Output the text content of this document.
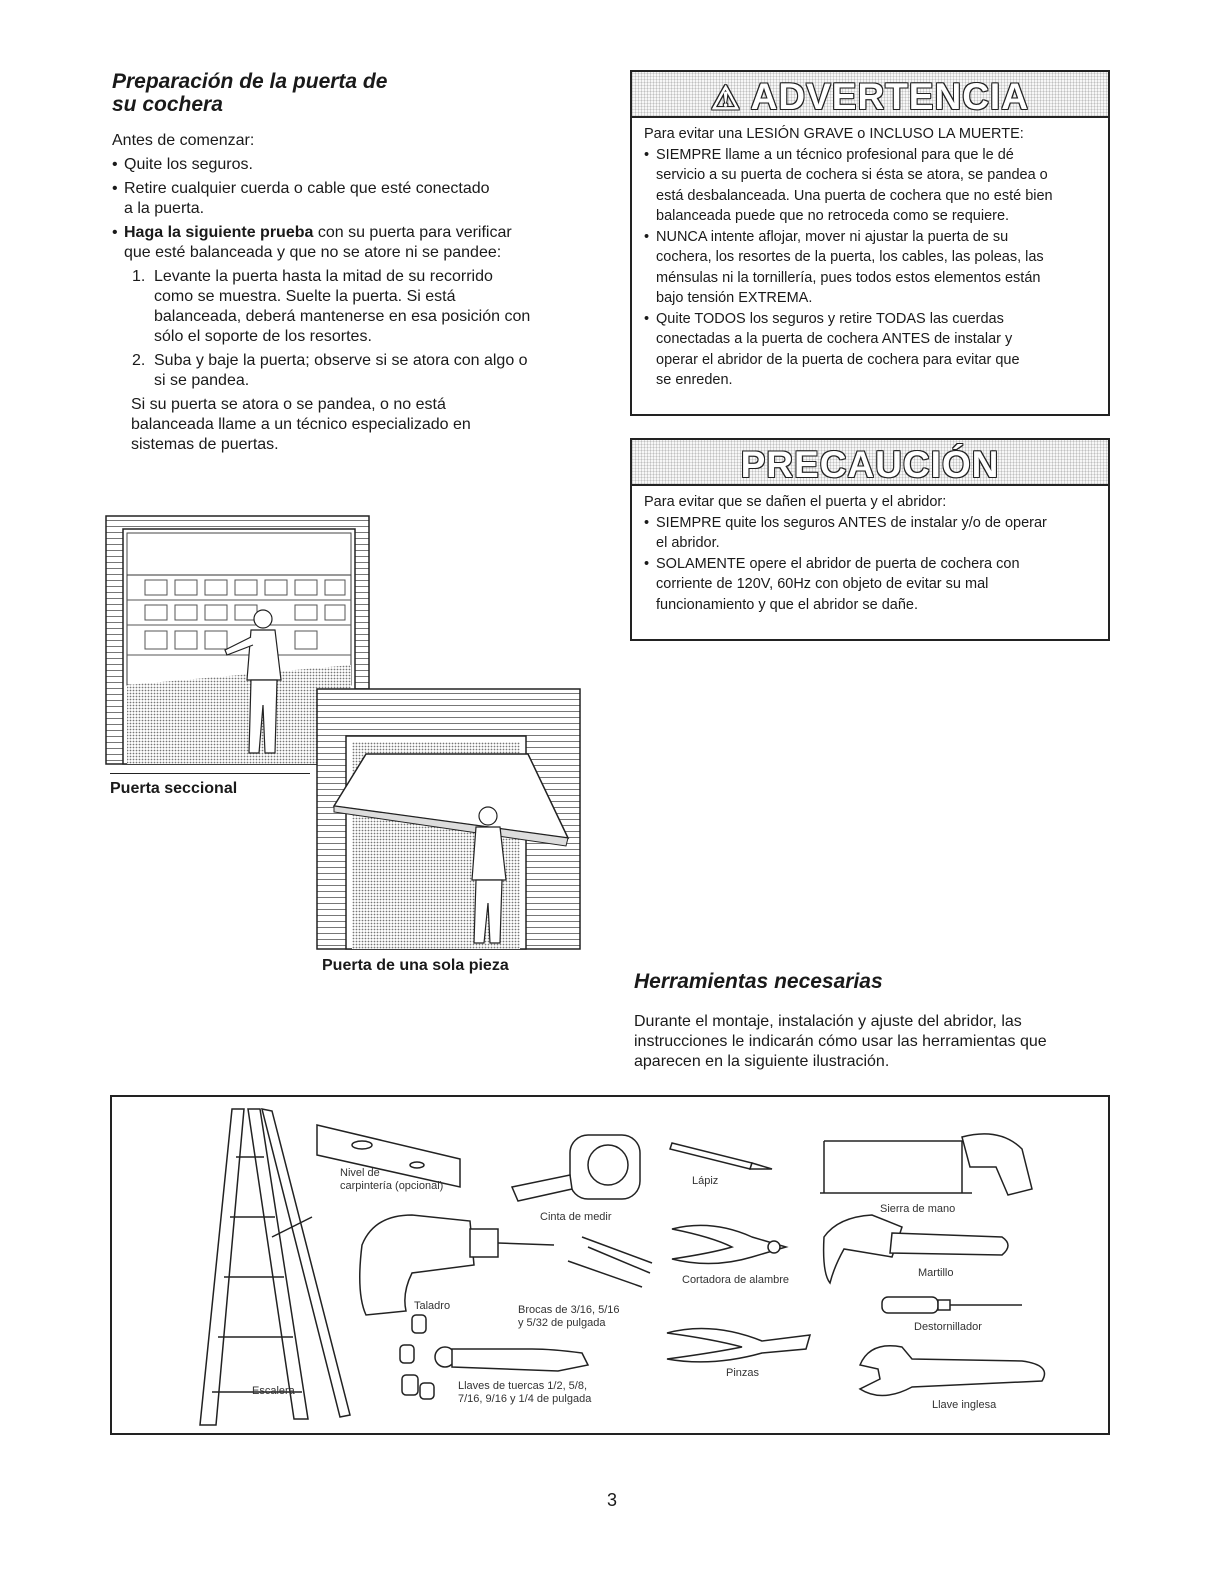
Preparación de la puerta de
su cochera

Antes de comenzar:

• Quite los seguros.
• Retire cualquier cuerda o cable que esté conectado
a la puerta.
• Haga la siguiente prueba con su puerta para verificar
que esté balanceada y que no se atore ni se pandee:
1. Levante la puerta hasta la mitad de su recorrido
como se muestra. Suelte la puerta. Si está
balanceada, deberá mantenerse en esa posición con
sólo el soporte de los resortes.
2. Suba y baje la puerta; observe si se atora con algo o
si se pandea.

Si su puerta se atora o se pandea, o no está
balanceada llame a un técnico especializado en
sistemas de puertas.

Puerta seccional
Puerta de una sola pieza
⚠ ADVERTENCIA
Para evitar una LESIÓN GRAVE o INCLUSO LA MUERTE:
• SIEMPRE llame a un técnico profesional para que le dé
servicio a su puerta de cochera si ésta se atora, se pandea o
está desbalanceada. Una puerta de cochera que no esté bien
balanceada puede que no retroceda como se requiere.
• NUNCA intente aflojar, mover ni ajustar la puerta de su
cochera, los resortes de la puerta, los cables, las poleas, las
ménsulas ni la tornillería, pues todos estos elementos están
bajo tensión EXTREMA.
• Quite TODOS los seguros y retire TODAS las cuerdas
conectadas a la puerta de cochera ANTES de instalar y
operar el abridor de la puerta de cochera para evitar que
se enreden.
PRECAUCIÓN
Para evitar que se dañen el puerta y el abridor:
• SIEMPRE quite los seguros ANTES de instalar y/o de operar
el abridor.
• SOLAMENTE opere el abridor de puerta de cochera con
corriente de 120V, 60Hz con objeto de evitar su mal
funcionamiento y que el abridor se dañe.
Herramientas necesarias

Durante el montaje, instalación y ajuste del abridor, las
instrucciones le indicarán cómo usar las herramientas que
aparecen en la siguiente ilustración.

Escalera
Nivel de
carpintería (opcional)
Cinta de medir
Taladro	Brocas de 3/16, 5/16
y 5/32 de pulgada
Llaves de tuercas 1/2, 5/8,
7/16, 9/16 y 1/4 de pulgada
Lápiz
Cortadora de alambre
Pinzas
Sierra de mano
Martillo
Destornillador
Llave inglesa
3
